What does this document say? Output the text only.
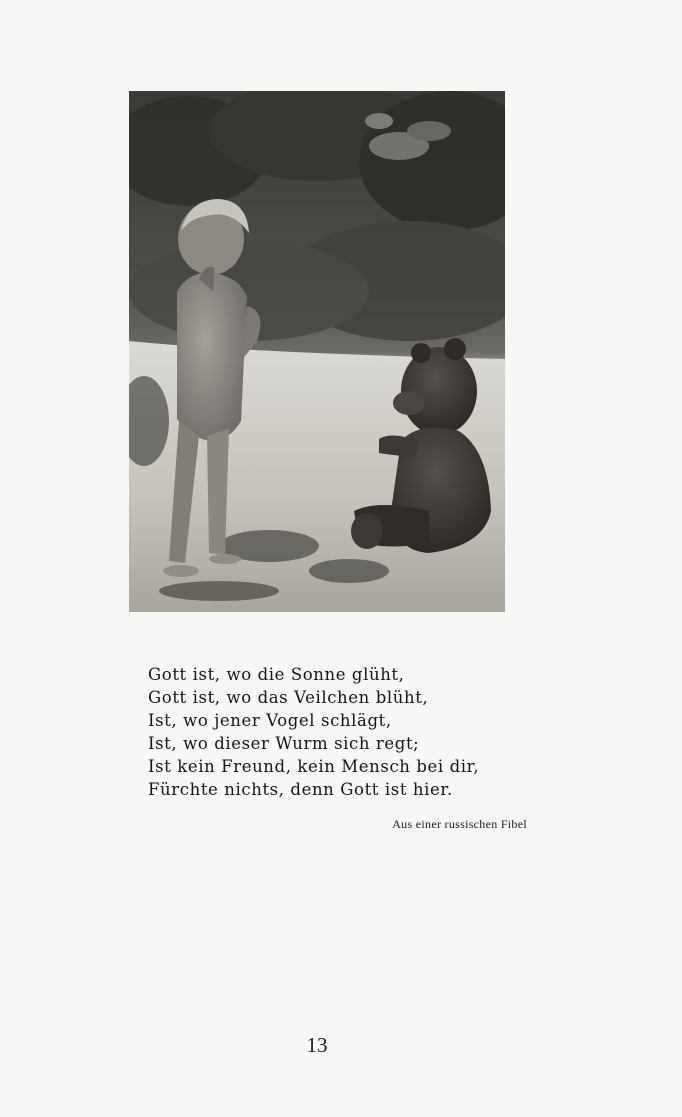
Gott ist, wo die Sonne glüht,
Gott ist, wo das Veilchen blüht,
Ist, wo jener Vogel schlägt,
Ist, wo dieser Wurm sich regt;
Ist kein Freund, kein Mensch bei dir,
Fürchte nichts, denn Gott ist hier.
Aus einer russischen Fibel
13
